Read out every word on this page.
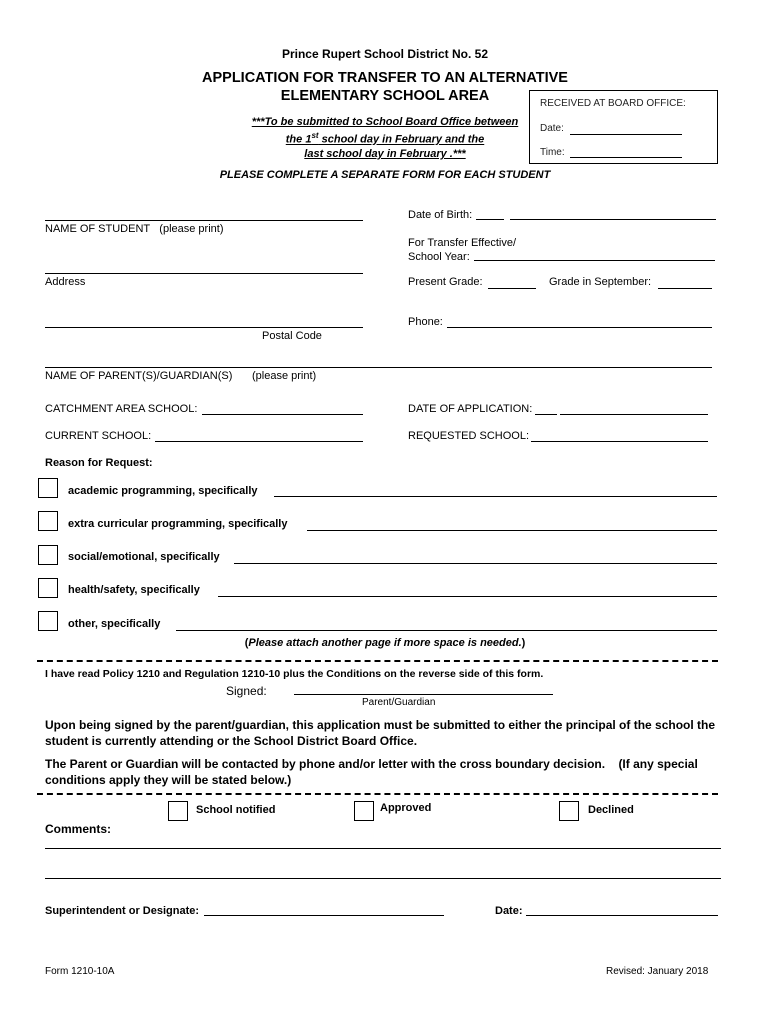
Prince Rupert School District No. 52
APPLICATION FOR TRANSFER TO AN ALTERNATIVE
ELEMENTARY SCHOOL AREA
***To be submitted to School Board Office between
the 1st school day in February and the
last school day in February .***
RECEIVED AT BOARD OFFICE:
Date:
Time:
PLEASE COMPLETE A SEPARATE FORM FOR EACH STUDENT
NAME OF STUDENT (please print)
Address
Postal Code
Date of Birth:
For Transfer Effective/
School Year:
Present Grade:	Grade in September:
Phone:
NAME OF PARENT(S)/GUARDIAN(S) (please print)
CATCHMENT AREA SCHOOL:	DATE OF APPLICATION:
CURRENT SCHOOL:	REQUESTED SCHOOL:
Reason for Request:
academic programming, specifically
extra curricular programming, specifically
social/emotional, specifically
health/safety, specifically
other, specifically
(Please attach another page if more space is needed.)
I have read Policy 1210 and Regulation 1210-10 plus the Conditions on the reverse side of this form.
Signed:
Parent/Guardian
Upon being signed by the parent/guardian, this application must be submitted to either the principal of the school the student is currently attending or the School District Board Office.
The Parent or Guardian will be contacted by phone and/or letter with the cross boundary decision. (If any special conditions apply they will be stated below.)
School notified	Approved	Declined
Comments:
Superintendent or Designate:	Date:
Form 1210-10A	Revised: January 2018
